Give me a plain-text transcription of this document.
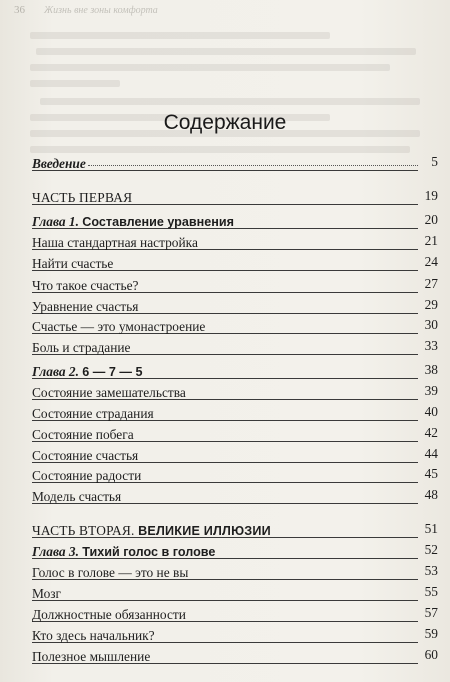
36 Жизнь вне зоны комфорта
Содержание
Введение	5
ЧАСТЬ ПЕРВАЯ	19
Глава 1. Составление уравнения	20
Наша стандартная настройка	21
Найти счастье	24
Что такое счастье?	27
Уравнение счастья	29
Счастье — это умонастроение	30
Боль и страдание	33
Глава 2. 6 — 7 — 5	38
Состояние замешательства	39
Состояние страдания	40
Состояние побега	42
Состояние счастья	44
Состояние радости	45
Модель счастья	48
ЧАСТЬ ВТОРАЯ. ВЕЛИКИЕ ИЛЛЮЗИИ	51
Глава 3. Тихий голос в голове	52
Голос в голове — это не вы	53
Мозг	55
Должностные обязанности	57
Кто здесь начальник?	59
Полезное мышление	60
